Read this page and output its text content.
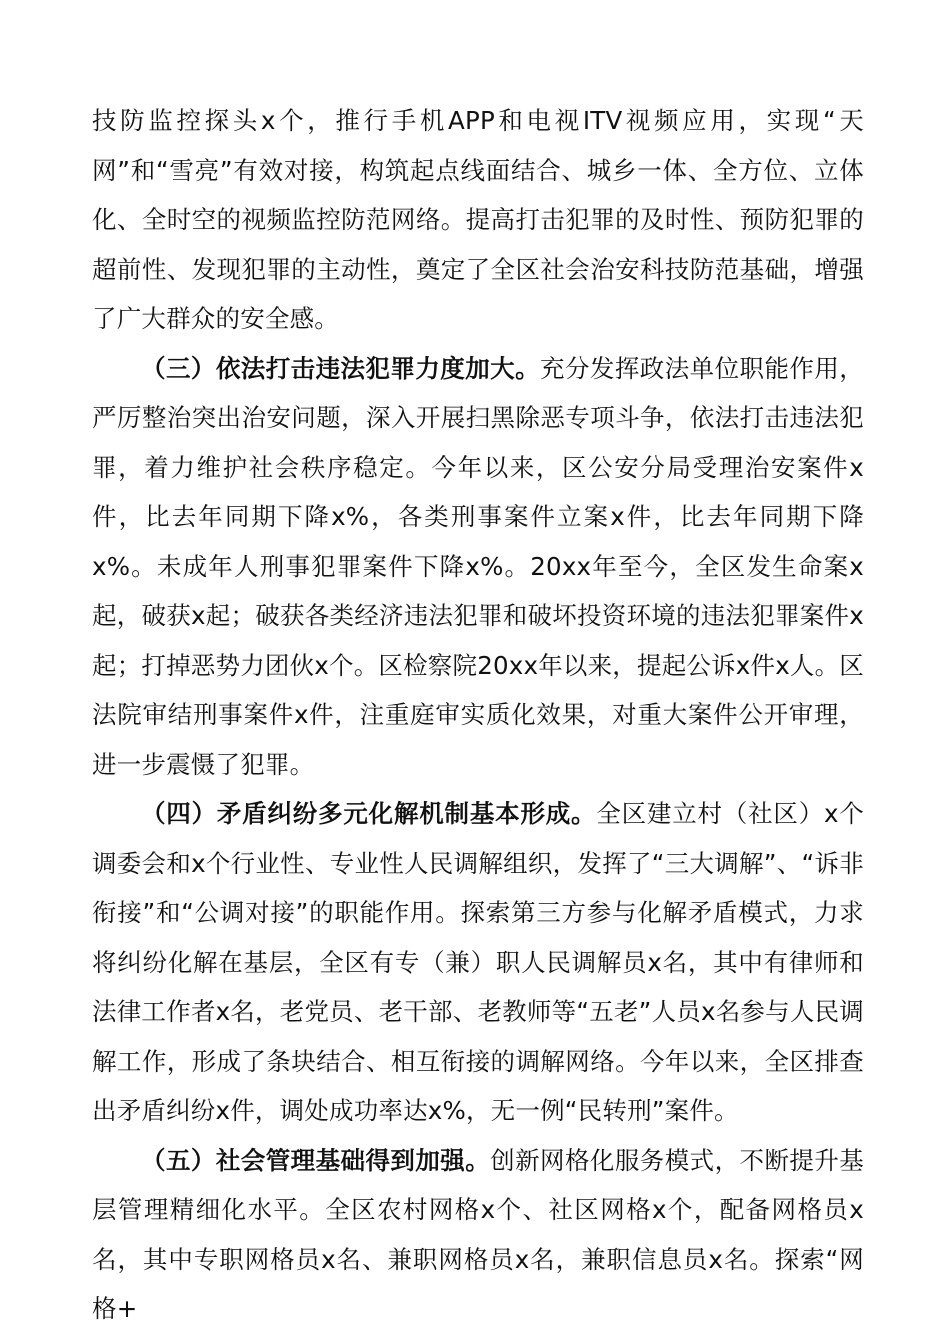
技防监控探头x个，推行手机APP和电视ITV视频应用，实现“天网”和“雪亮”有效对接，构筑起点线面结合、城乡一体、全方位、立体化、全时空的视频监控防范网络。提高打击犯罪的及时性、预防犯罪的超前性、发现犯罪的主动性，奠定了全区社会治安科技防范基础，增强了广大群众的安全感。

（三）依法打击违法犯罪力度加大。充分发挥政法单位职能作用，严厉整治突出治安问题，深入开展扫黑除恶专项斗争，依法打击违法犯罪，着力维护社会秩序稳定。今年以来，区公安分局受理治安案件x件，比去年同期下降x%，各类刑事案件立案x件，比去年同期下降x%。未成年人刑事犯罪案件下降x%。20xx年至今，全区发生命案x起，破获x起；破获各类经济违法犯罪和破坏投资环境的违法犯罪案件x起；打掉恶势力团伙x个。区检察院20xx年以来，提起公诉x件x人。区法院审结刑事案件x件，注重庭审实质化效果，对重大案件公开审理，进一步震慑了犯罪。

（四）矛盾纠纷多元化解机制基本形成。全区建立村（社区）x个调委会和x个行业性、专业性人民调解组织，发挥了“三大调解”、“诉非衔接”和“公调对接”的职能作用。探索第三方参与化解矛盾模式，力求将纠纷化解在基层，全区有专（兼）职人民调解员x名，其中有律师和法律工作者x名，老党员、老干部、老教师等“五老”人员x名参与人民调解工作，形成了条块结合、相互衔接的调解网络。今年以来，全区排查出矛盾纠纷x件，调处成功率达x%，无一例“民转刑”案件。

（五）社会管理基础得到加强。创新网格化服务模式，不断提升基层管理精细化水平。全区农村网格x个、社区网格x个，配备网格员x名，其中专职网格员x名、兼职网格员x名，兼职信息员x名。探索“网格+
